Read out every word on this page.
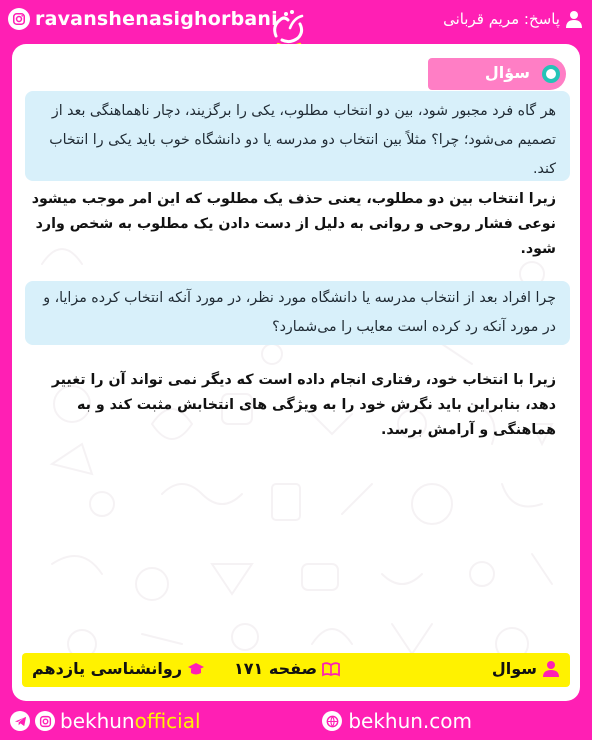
ravanshenasighorbani	پاسخ: مریم قربانی
سؤال
هر گاه فرد مجبور شود، بین دو انتخاب مطلوب، یکی را برگزیند، دچار ناهماهنگی بعد از تصمیم می‌شود؛ چرا؟ مثلاً بین انتخاب دو مدرسه یا دو دانشگاه خوب باید یکی را انتخاب کند.
زیرا انتخاب بین دو مطلوب، یعنی حذف یک مطلوب که این امر موجب میشود نوعی فشار روحی و روانی به دلیل از دست دادن یک مطلوب به شخص وارد شود.
چرا افراد بعد از انتخاب مدرسه یا دانشگاه مورد نظر، در مورد آنکه انتخاب کرده مزایا، و در مورد آنکه رد کرده است معایب را می‌شمارد؟
زیرا با انتخاب خود، رفتاری انجام داده است که دیگر نمی تواند آن را تغییر دهد، بنابراین باید نگرش خود را به ویژگی های انتخابش مثبت کند و به هماهنگی و آرامش برسد.
سوال
صفحه ۱۷۱
روانشناسی یازدهم
bekhunofficial	bekhun.com
